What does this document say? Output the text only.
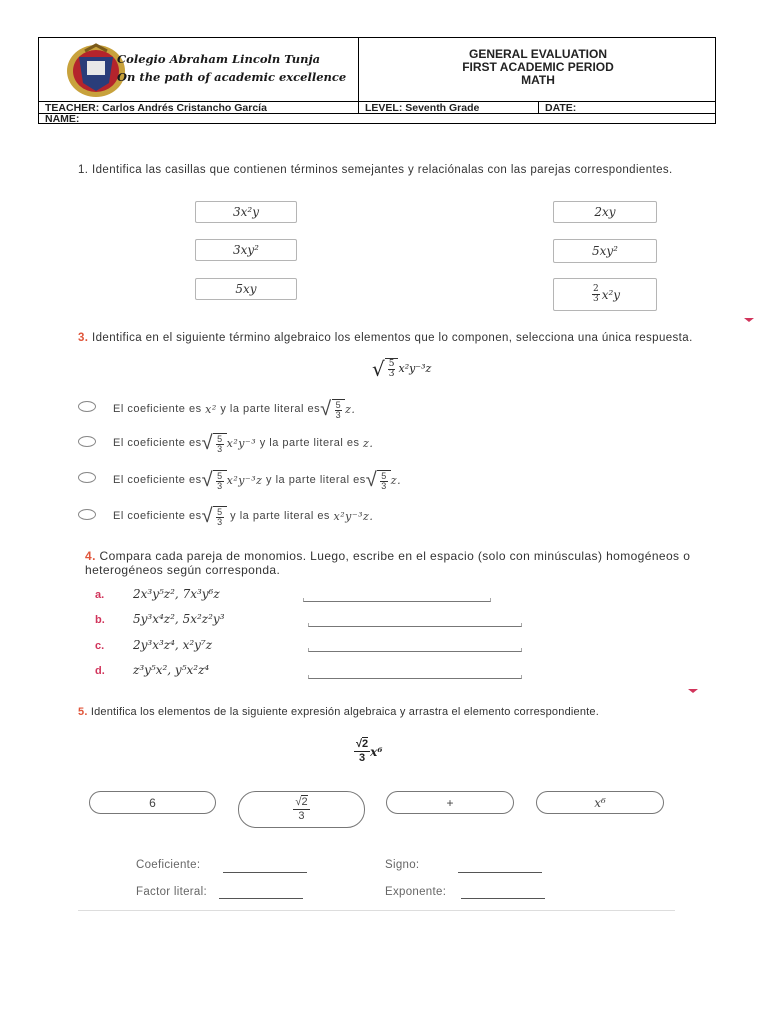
Colegio Abraham Lincoln Tunja
On the path of academic excellence
GENERAL EVALUATION
FIRST ACADEMIC PERIOD
MATH
TEACHER: Carlos Andrés Cristancho García	LEVEL: Seventh Grade	DATE:
NAME:
1. Identifica las casillas que contienen términos semejantes y relaciónalas con las parejas correspondientes.
3x²y
3xy²
5xy
2xy
5xy²
$\frac{2}{3} x^2y$
3. Identifica en el siguiente término algebraico los elementos que lo componen, selecciona una única respuesta.
√ $\frac{5}{3} x^2y^{-3}z$
El coeficiente es
x²
y la parte literal es √ $\frac{5}{3} z$.
El coeficiente es √ $\frac{5}{3} x^2y^{-3}$
y la parte literal es
z.
El coeficiente es √ $\frac{5}{3} x^2y^{-3}z$
y la parte literal es √ $\frac{5}{3} z$.
El coeficiente es √ $\frac{5}{3}$
y la parte literal es
x²y⁻³z.
4. Compara cada pareja de monomios. Luego, escribe en el espacio (solo con minúsculas) homogéneos o heterogéneos según corresponda.
a. 2x³y⁵z², 7x³y⁶z
b. 5y³x⁴z², 5x²z²y³
c. 2y³x³z⁴, x²y⁷z
d. z³y⁵x², y⁵x²z⁴
5. Identifica los elementos de la siguiente expresión algebraica y arrastra el elemento correspondiente.
√2
3 x⁶
6	√2
3
+	x⁶
Coeficiente:	Signo:
Factor literal:	Exponente:
